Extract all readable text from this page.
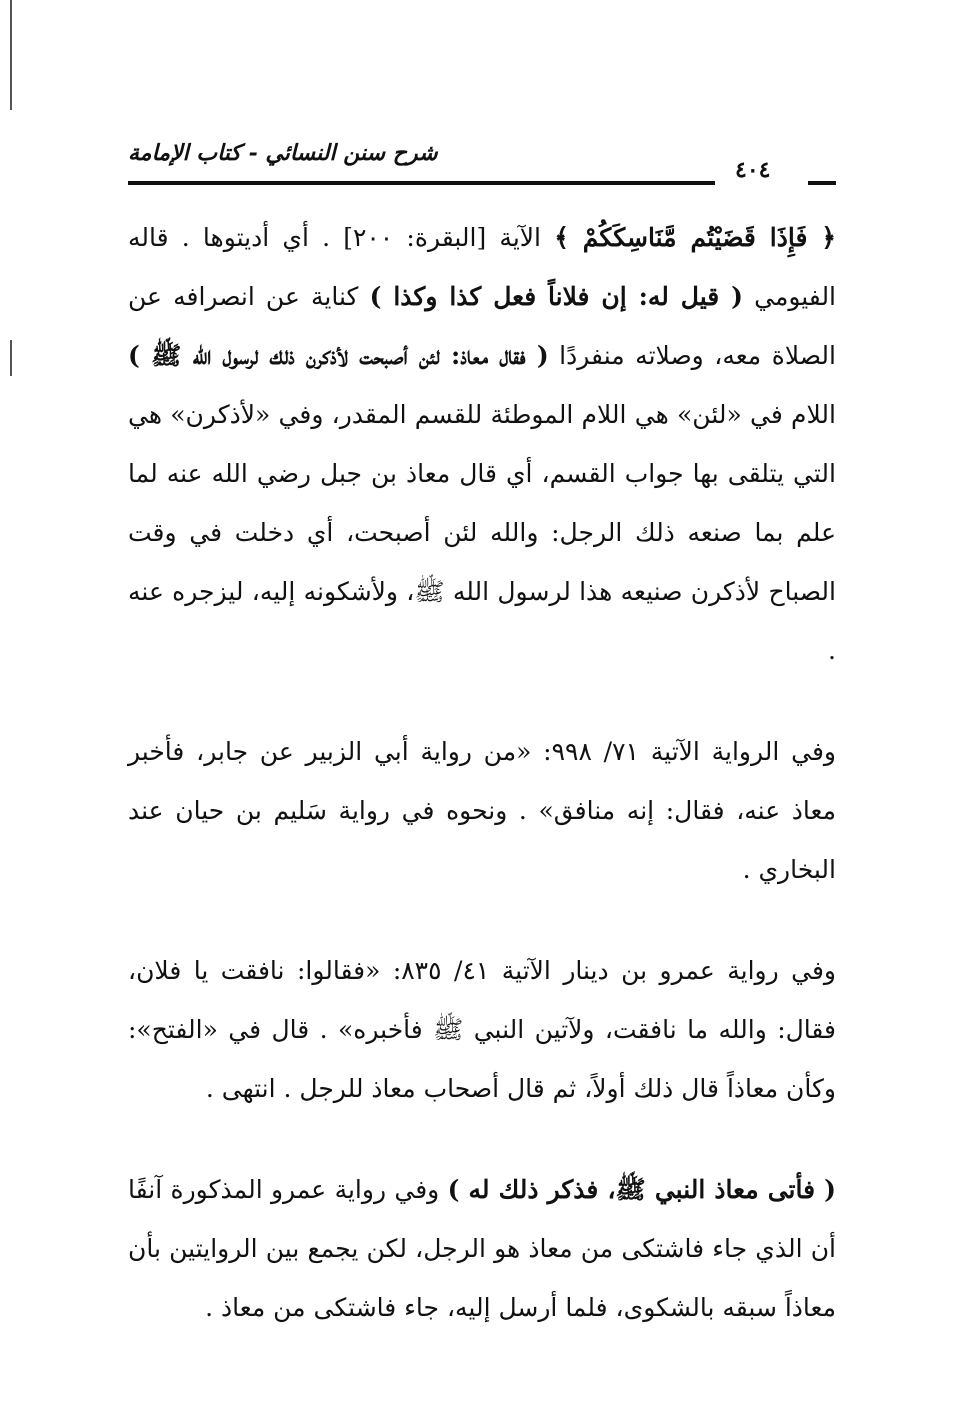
شرح سنن النسائي - كتاب الإمامة
٤٠٤

﴿ فَإِذَا قَضَيْتُم مَّنَاسِكَكُمْ ﴾ الآية [البقرة: ٢٠٠] . أي أديتوها . قاله الفيومي ( قيل له: إن فلاناً فعل كذا وكذا ) كناية عن انصرافه عن الصلاة معه، وصلاته منفردًا ( فقال معاذ: لئن أصبحت لأذكرن ذلك لرسول الله ﷺ ) اللام في «لئن» هي اللام الموطئة للقسم المقدر، وفي «لأذكرن» هي التي يتلقى بها جواب القسم، أي قال معاذ بن جبل رضي الله عنه لما علم بما صنعه ذلك الرجل: والله لئن أصبحت، أي دخلت في وقت الصباح لأذكرن صنيعه هذا لرسول الله ﷺ، ولأشكونه إليه، ليزجره عنه .

وفي الرواية الآتية ٧١/ ٩٩٨: «من رواية أبي الزبير عن جابر، فأخبر معاذ عنه، فقال: إنه منافق» . ونحوه في رواية سَليم بن حيان عند البخاري .

وفي رواية عمرو بن دينار الآتية ٤١/ ٨٣٥: «فقالوا: نافقت يا فلان، فقال: والله ما نافقت، ولآتين النبي ﷺ فأخبره» . قال في «الفتح»: وكأن معاذاً قال ذلك أولاً، ثم قال أصحاب معاذ للرجل . انتهى .

( فأتى معاذ النبي ﷺ، فذكر ذلك له ) وفي رواية عمرو المذكورة آنفًا أن الذي جاء فاشتكى من معاذ هو الرجل، لكن يجمع بين الروايتين بأن معاذاً سبقه بالشكوى، فلما أرسل إليه، جاء فاشتكى من معاذ .
